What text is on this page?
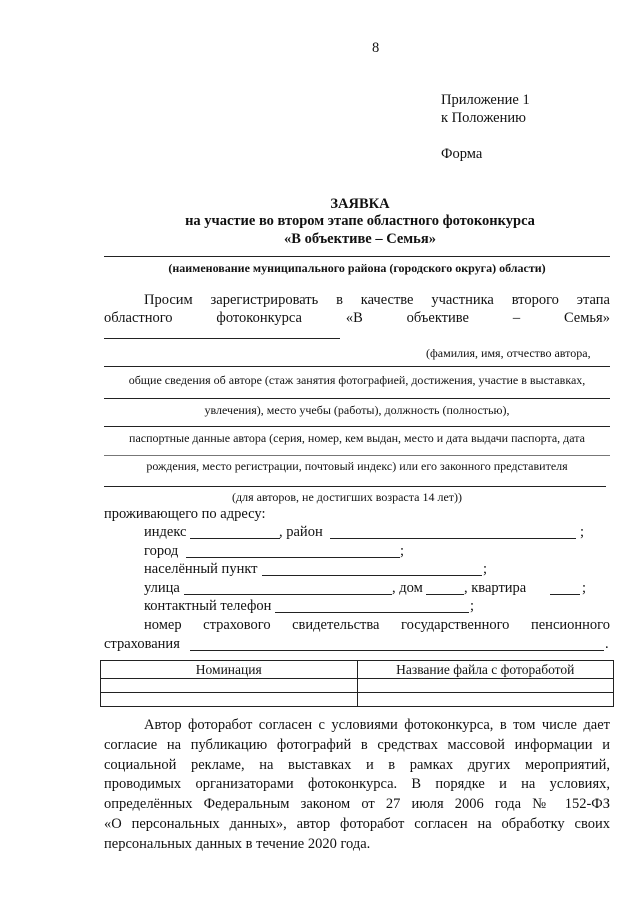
8
Приложение 1
к Положению
Форма
ЗАЯВКА
на участие во втором этапе областного фотоконкурса
«В объективе – Семья»
(наименование муниципального района (городского округа) области)
Просим зарегистрировать в качестве участника второго этапа
областного	фотоконкурса	«В	объективе	–	Семья»
(фамилия, имя, отчество автора,
общие сведения об авторе (стаж занятия фотографией, достижения, участие в выставках,
увлечения), место учебы (работы), должность (полностью),
паспортные данные автора (серия, номер, кем выдан, место и дата выдачи паспорта, дата
рождения, место регистрации, почтовый индекс) или его законного представителя
(для авторов, не достигших возраста 14 лет))
проживающего по адресу:
индекс	, район	;
город	;
населённый пункт	;
улица	, дом	, квартира	;
контактный телефон	;
номер страхового свидетельства государственного пенсионного
страхования	.
Номинация	Название файла с фотоработой

Автор фоторабот согласен с условиями фотоконкурса, в том числе дает
согласие на публикацию фотографий в средствах массовой информации и
социальной рекламе, на выставках и в рамках других мероприятий,
проводимых организаторами фотоконкурса. В порядке и на условиях,
определённых Федеральным законом от 27 июля 2006 года № 152-ФЗ
«О персональных данных», автор фоторабот согласен на обработку своих
персональных данных в течение 2020 года.
